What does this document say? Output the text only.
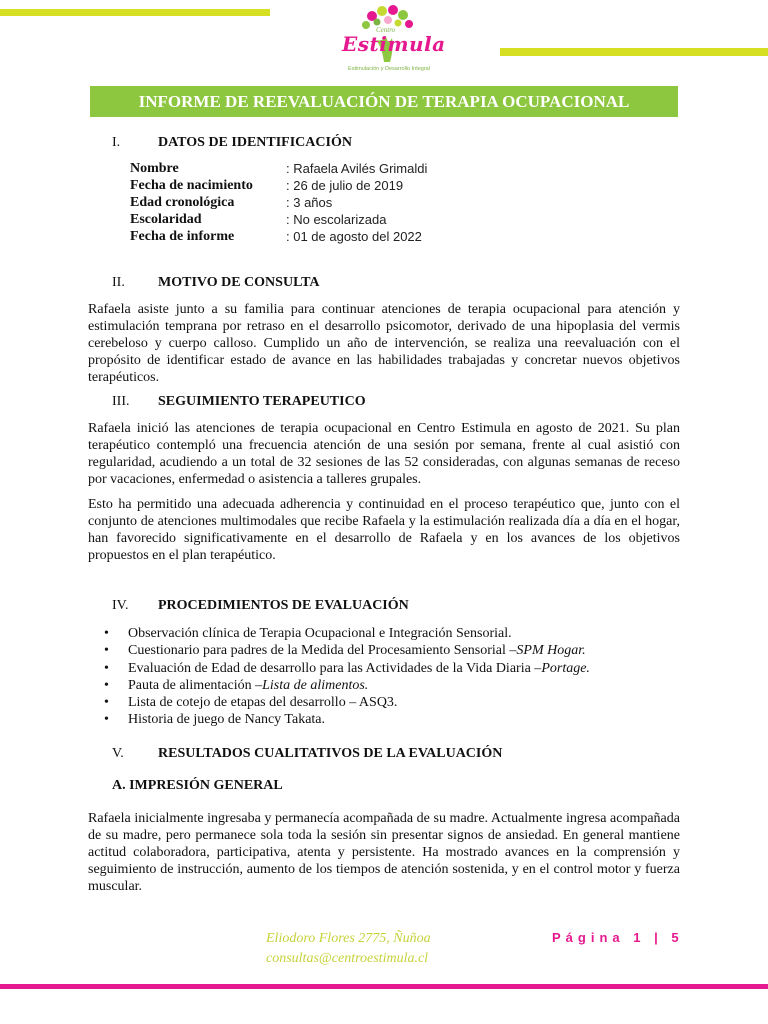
Centro
Estimula
Estimulación y Desarrollo Integral
INFORME DE REEVALUACIÓN DE TERAPIA OCUPACIONAL
I.	DATOS DE IDENTIFICACIÓN
Nombre	: Rafaela Avilés Grimaldi
Fecha de nacimiento	: 26 de julio de 2019
Edad cronológica	: 3 años
Escolaridad	: No escolarizada
Fecha de informe	: 01 de agosto del 2022
II.	MOTIVO DE CONSULTA
Rafaela asiste junto a su familia para continuar atenciones de terapia ocupacional para atención y estimulación temprana por retraso en el desarrollo psicomotor, derivado de una hipoplasia del vermis cerebeloso y cuerpo calloso. Cumplido un año de intervención, se realiza una reevaluación con el propósito de identificar estado de avance en las habilidades trabajadas y concretar nuevos objetivos terapéuticos.
III.	SEGUIMIENTO TERAPEUTICO
Rafaela inició las atenciones de terapia ocupacional en Centro Estimula en agosto de 2021. Su plan terapéutico contempló una frecuencia atención de una sesión por semana, frente al cual asistió con regularidad, acudiendo a un total de 32 sesiones de las 52 consideradas, con algunas semanas de receso por vacaciones, enfermedad o asistencia a talleres grupales.
Esto ha permitido una adecuada adherencia y continuidad en el proceso terapéutico que, junto con el conjunto de atenciones multimodales que recibe Rafaela y la estimulación realizada día a día en el hogar, han favorecido significativamente en el desarrollo de Rafaela y en los avances de los objetivos propuestos en el plan terapéutico.
IV.	PROCEDIMIENTOS DE EVALUACIÓN
•	Observación clínica de Terapia Ocupacional e Integración Sensorial.
•	Cuestionario para padres de la Medida del Procesamiento Sensorial – SPM Hogar.
•	Evaluación de Edad de desarrollo para las Actividades de la Vida Diaria – Portage.
•	Pauta de alimentación – Lista de alimentos.
•	Lista de cotejo de etapas del desarrollo – ASQ3.
•	Historia de juego de Nancy Takata.
V.	RESULTADOS CUALITATIVOS DE LA EVALUACIÓN
A. IMPRESIÓN GENERAL
Rafaela inicialmente ingresaba y permanecía acompañada de su madre. Actualmente ingresa acompañada de su madre, pero permanece sola toda la sesión sin presentar signos de ansiedad. En general mantiene actitud colaboradora, participativa, atenta y persistente. Ha mostrado avances en la comprensión y seguimiento de instrucción, aumento de los tiempos de atención sostenida, y en el control motor y fuerza muscular.
Eliodoro Flores 2775, Ñuñoa
consultas@centroestimula.cl
Página 1 | 5
